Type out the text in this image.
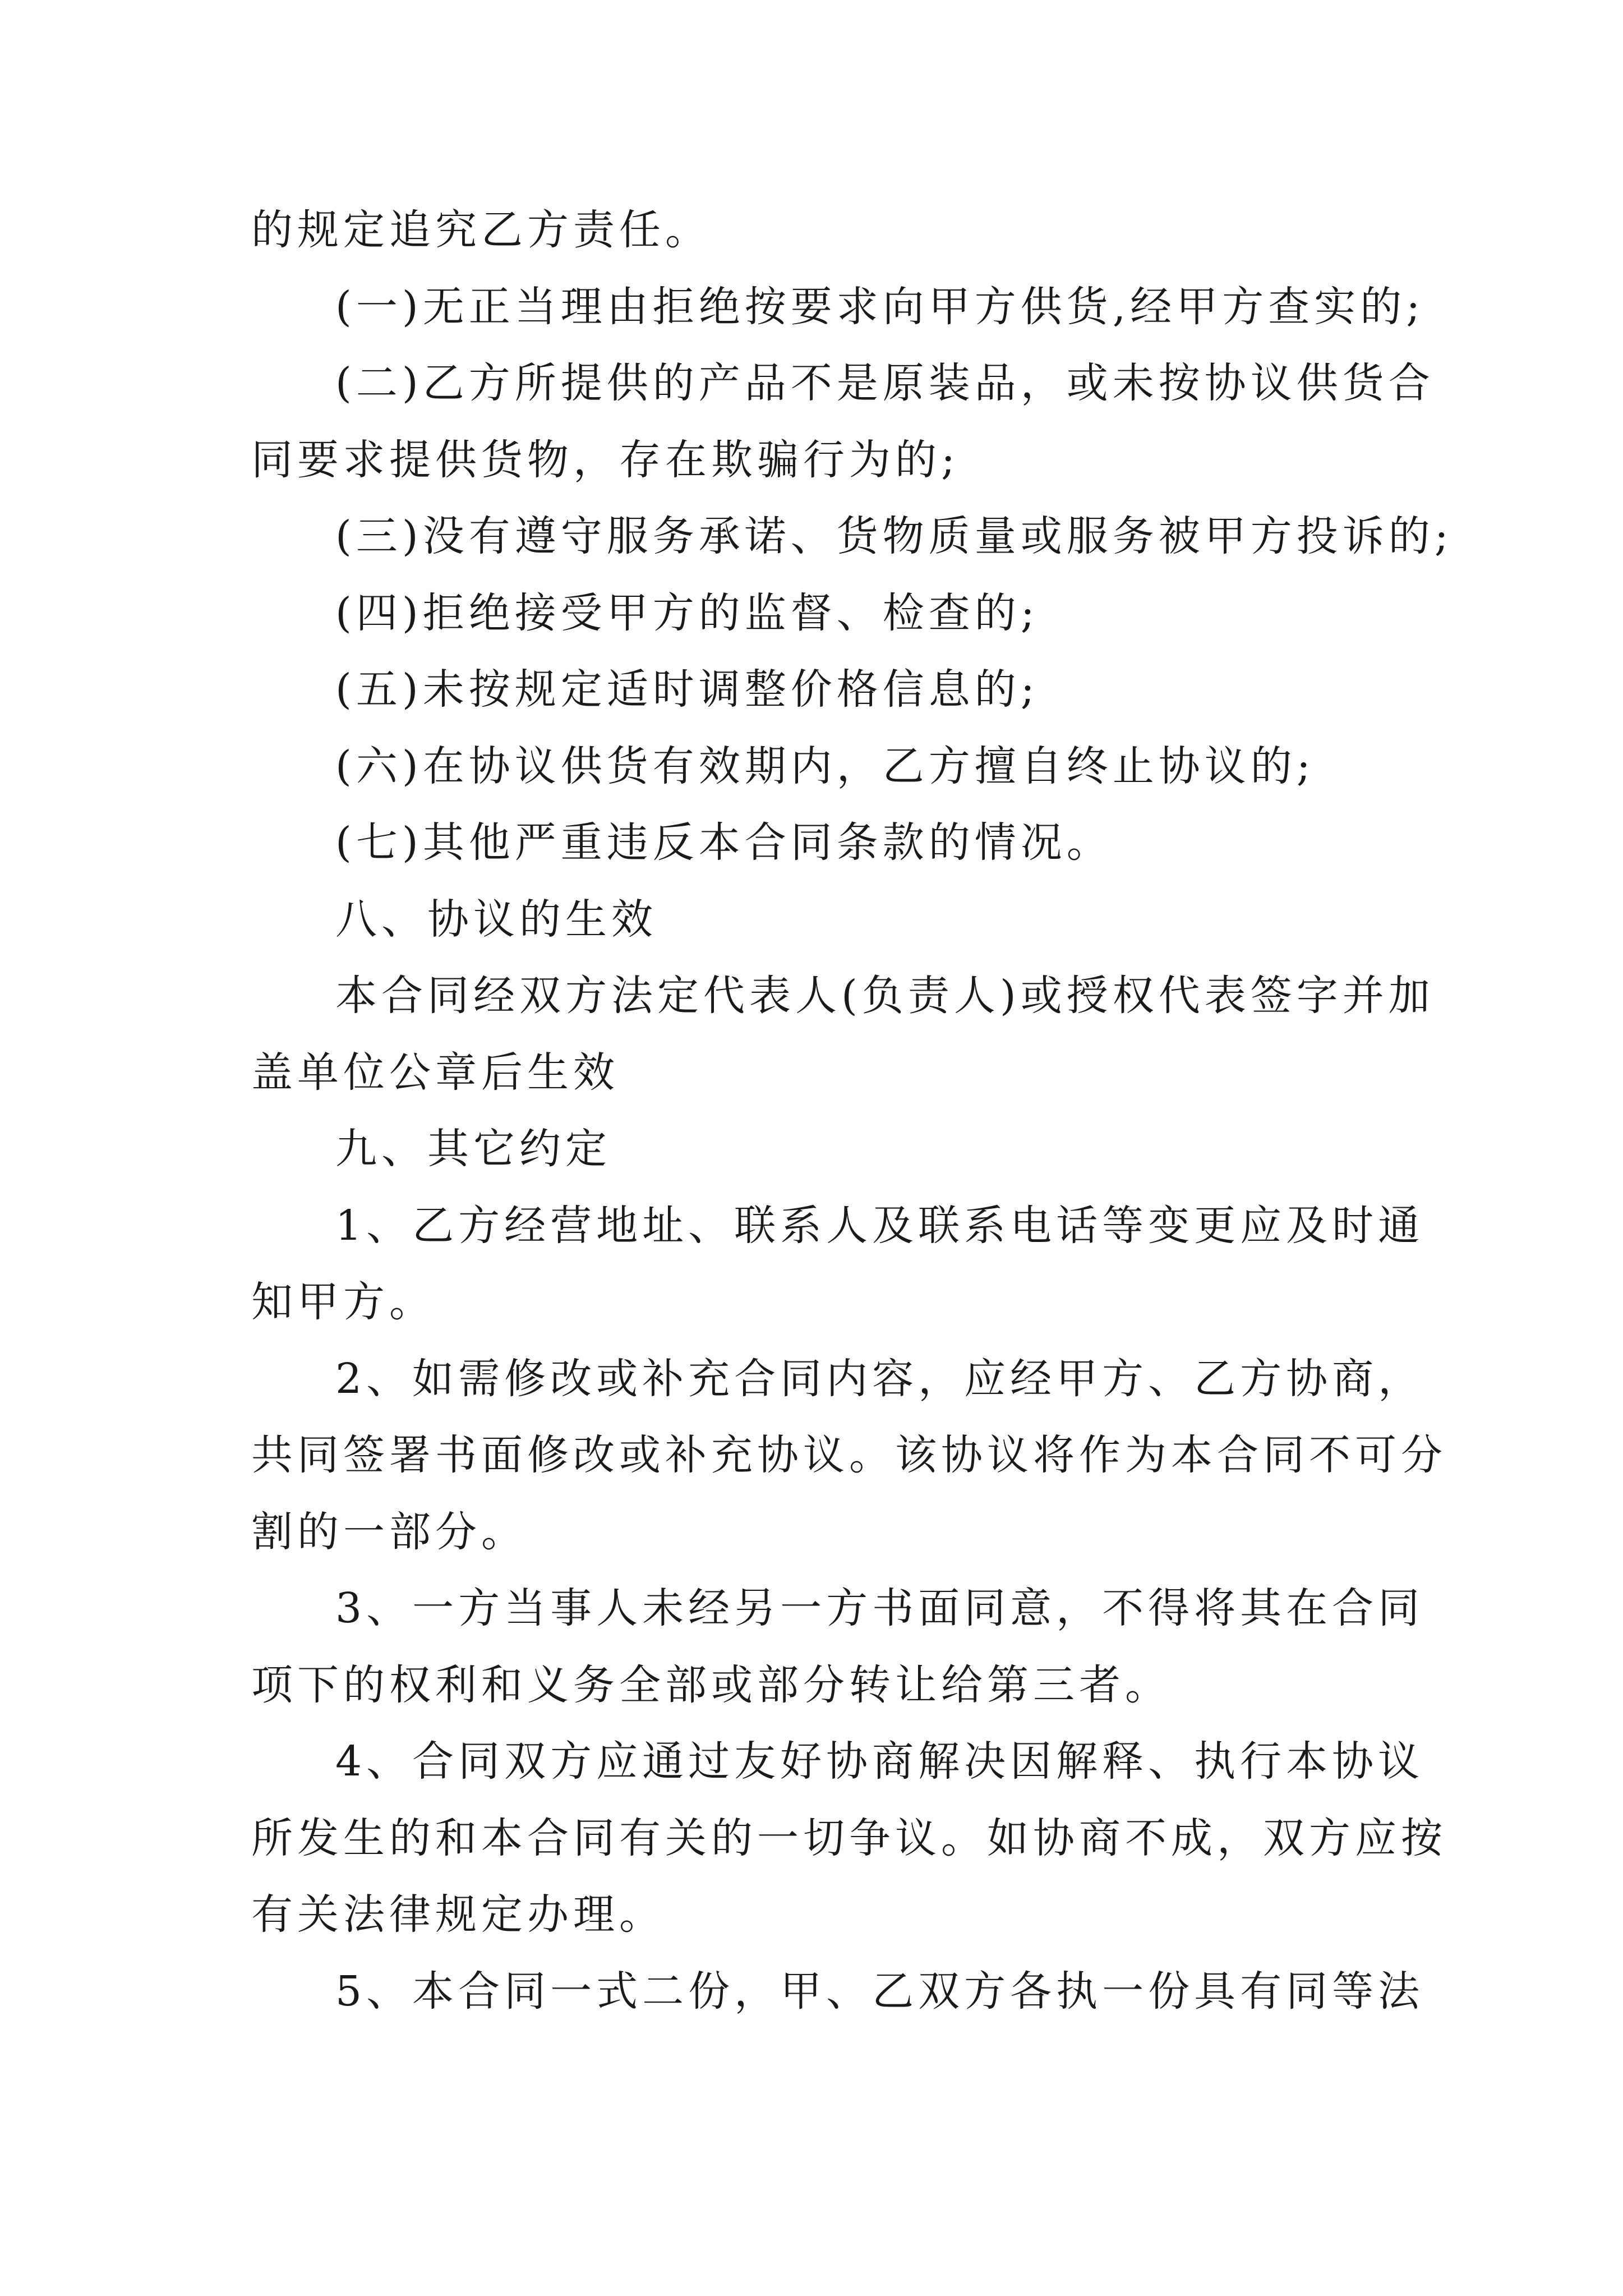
的规定追究乙方责任。
(一)无正当理由拒绝按要求向甲方供货,经甲方查实的;
(二)乙方所提供的产品不是原装品，或未按协议供货合
同要求提供货物，存在欺骗行为的;
(三)没有遵守服务承诺、货物质量或服务被甲方投诉的;
(四)拒绝接受甲方的监督、检查的;
(五)未按规定适时调整价格信息的;
(六)在协议供货有效期内，乙方擅自终止协议的;
(七)其他严重违反本合同条款的情况。
八、协议的生效
本合同经双方法定代表人(负责人)或授权代表签字并加
盖单位公章后生效
九、其它约定
1、乙方经营地址、联系人及联系电话等变更应及时通
知甲方。
2、如需修改或补充合同内容，应经甲方、乙方协商，
共同签署书面修改或补充协议。该协议将作为本合同不可分
割的一部分。
3、一方当事人未经另一方书面同意，不得将其在合同
项下的权利和义务全部或部分转让给第三者。
4、合同双方应通过友好协商解决因解释、执行本协议
所发生的和本合同有关的一切争议。如协商不成，双方应按
有关法律规定办理。
5、本合同一式二份，甲、乙双方各执一份具有同等法
